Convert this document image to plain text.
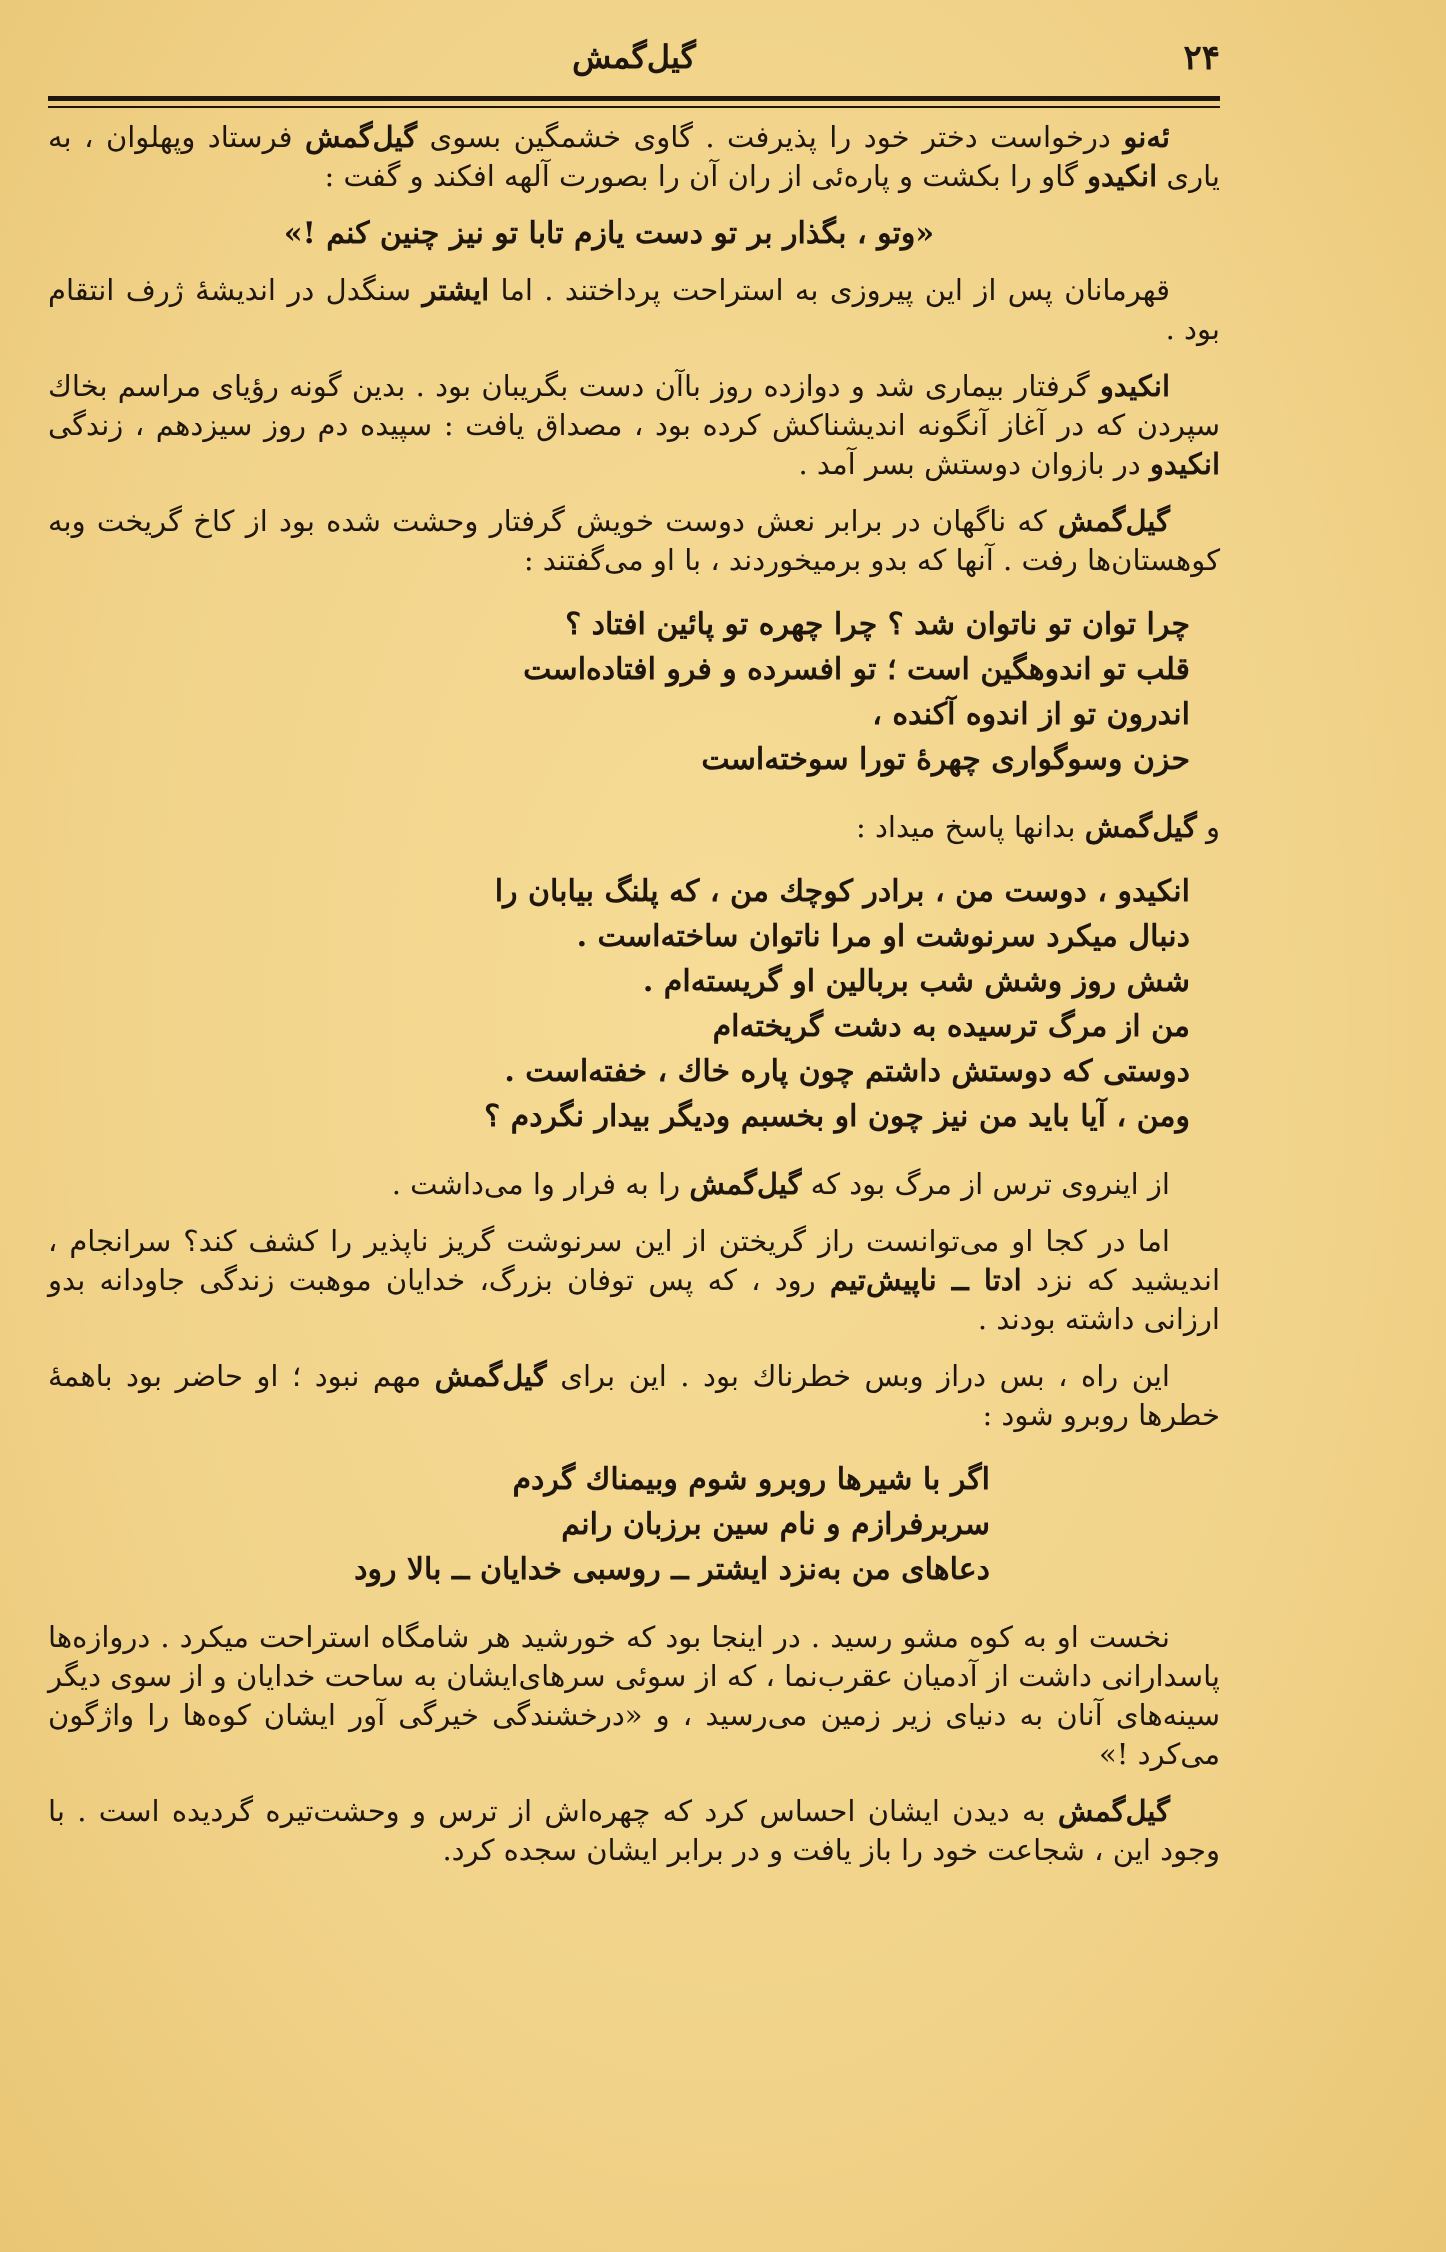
۲۴
گیل‌گمش

ئه‌نو درخواست دختر خود را پذیرفت . گاوی خشمگین بسوی گیل‌گمش فرستاد وپهلوان ، به یاری انکیدو گاو را بکشت و پاره‌ئی از ران آن را بصورت آلهه افکند و گفت :

«وتو ، بگذار بر تو دست یازم تابا تو نیز چنین کنم !»

قهرمانان پس از این پیروزی به استراحت پرداختند . اما ایشتر سنگدل در اندیشهٔ ژرف انتقام بود .

انکیدو گرفتار بیماری شد و دوازده روز باآن دست بگریبان بود . بدین گونه رؤیای مراسم بخاك سپردن که در آغاز آنگونه اندیشناکش کرده بود ، مصداق یافت : سپیده دم روز سیزدهم ، زندگی انکیدو در بازوان دوستش بسر آمد .

گیل‌گمش که ناگهان در برابر نعش دوست خویش گرفتار وحشت شده بود از کاخ گریخت وبه کوهستان‌ها رفت . آنها که بدو برمیخوردند ، با او می‌گفتند :

چرا توان تو ناتوان شد ؟ چرا چهره تو پائین افتاد ؟
قلب تو اندوهگین است ؛ تو افسرده و فرو افتاده‌است
اندرون تو از اندوه آکنده ،
حزن وسوگواری چهرهٔ تورا سوخته‌است

و گیل‌گمش بدانها پاسخ میداد :

انکیدو ، دوست من ، برادر کوچك من ، که پلنگ بیابان را
دنبال میکرد سرنوشت او مرا ناتوان ساخته‌است .
شش روز وشش شب بربالین او گریسته‌ام .
من از مرگ ترسیده به دشت گریخته‌ام
دوستی که دوستش داشتم چون پاره خاك ، خفته‌است .
ومن ، آیا باید من نیز چون او بخسبم ودیگر بیدار نگردم ؟

از اینروی ترس از مرگ بود که گیل‌گمش را به فرار وا می‌داشت .

اما در کجا او می‌توانست راز گریختن از این سرنوشت گریز ناپذیر را کشف کند؟ سرانجام ، اندیشید که نزد ادتا ــ ناپیش‌تیم رود ، که پس توفان بزرگ، خدایان موهبت زندگی جاودانه بدو ارزانی داشته بودند .

این راه ، بس دراز وبس خطرناك بود . این برای گیل‌گمش مهم نبود ؛ او حاضر بود باهمهٔ خطرها روبرو شود :

اگر با شیرها روبرو شوم وبیمناك گردم
سربرفرازم و نام سین برزبان رانم
دعاهای من به‌نزد ایشتر ــ روسبی خدایان ــ بالا رود

نخست او به کوه مشو رسید . در اینجا بود که خورشید هر شامگاه استراحت میکرد . دروازه‌ها پاسدارانی داشت از آدمیان عقرب‌نما ، که از سوئی سرهای‌ایشان به ساحت خدایان و از سوی دیگر سینه‌های آنان به دنیای زیر زمین می‌رسید ، و «درخشندگی خیرگی آور ایشان کوه‌ها را واژگون می‌کرد !»

گیل‌گمش به دیدن ایشان احساس کرد که چهره‌اش از ترس و وحشت‌تیره گردیده است . با وجود این ، شجاعت خود را باز یافت و در برابر ایشان سجده کرد.
